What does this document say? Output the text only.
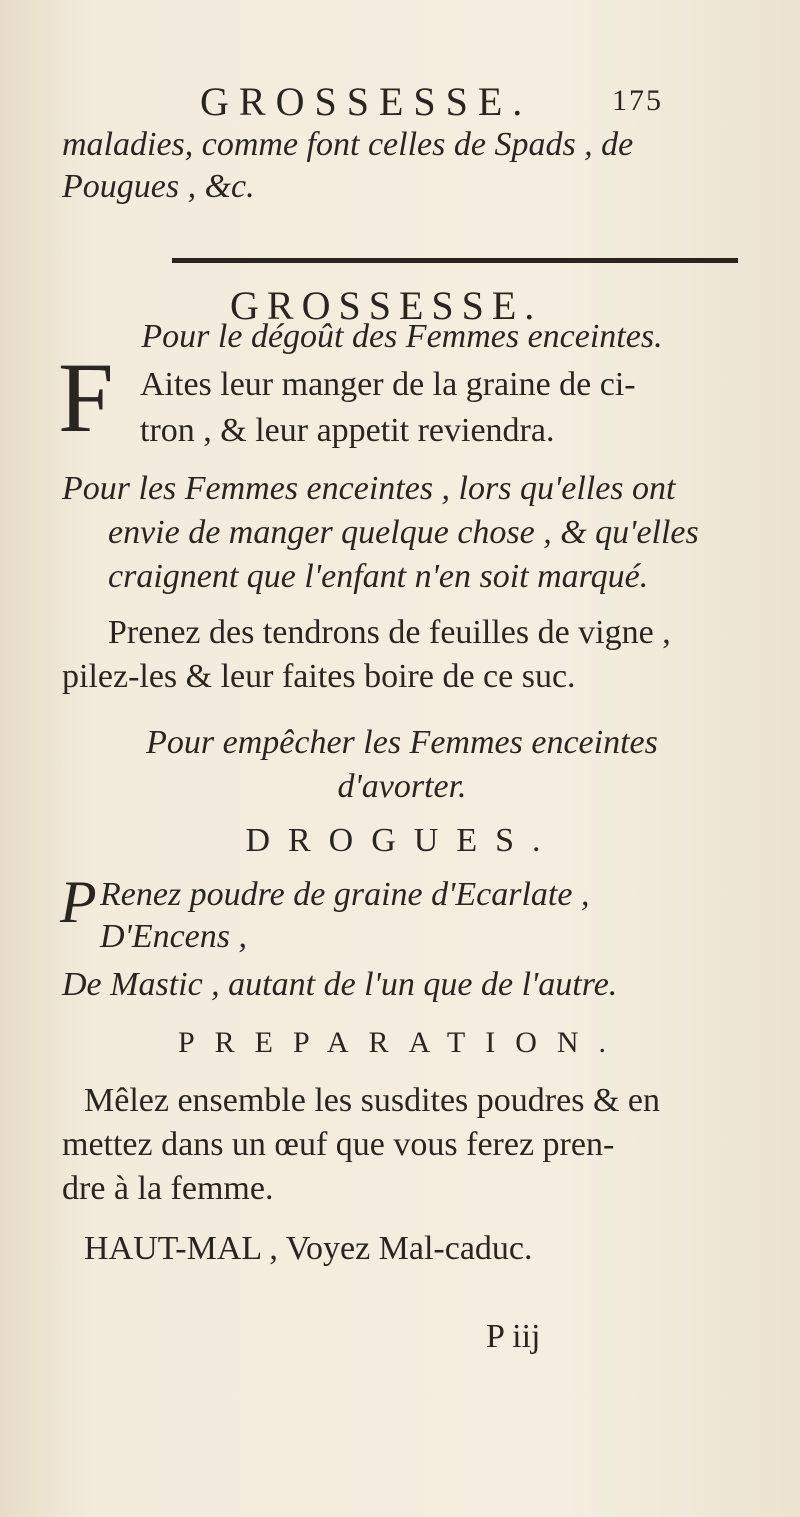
GROSSESSE.	175
maladies, comme font celles de Spads , de
Pougues , &c.
GROSSESSE.
Pour le dégoût des Femmes enceintes.
F Aites leur manger de la graine de ci-
tron , & leur appetit reviendra.
Pour les Femmes enceintes , lors qu'elles ont
envie de manger quelque chose , & qu'elles
craignent que l'enfant n'en soit marqué.
Prenez des tendrons de feuilles de vigne ,
pilez-les & leur faites boire de ce suc.
Pour empêcher les Femmes enceintes
d'avorter.
DROGUES.
P Renez poudre de graine d'Ecarlate ,
D'Encens ,
De Mastic , autant de l'un que de l'autre.
PREPARATION.
Mêlez ensemble les susdites poudres & en
mettez dans un œuf que vous ferez pren-
dre à la femme.
HAUT-MAL , Voyez Mal-caduc.
P iij
